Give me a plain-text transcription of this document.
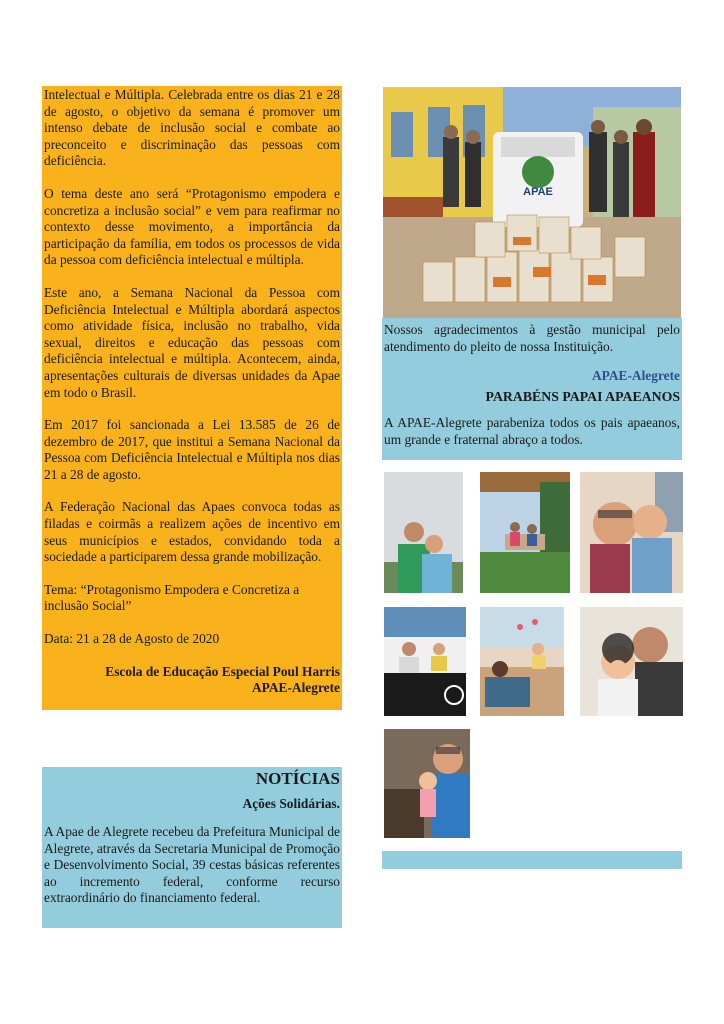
Intelectual e Múltipla. Celebrada entre os dias 21 e 28 de agosto, o objetivo da semana é promover um intenso debate de inclusão social e combate ao preconceito e discriminação das pessoas com deficiência.

O tema deste ano será “Protagonismo empodera e concretiza a inclusão social” e vem para reafirmar no contexto desse movimento, a importância da participação da família, em todos os processos de vida da pessoa com deficiência intelectual e múltipla.

Este ano, a Semana Nacional da Pessoa com Deficiência Intelectual e Múltipla abordará aspectos como atividade física, inclusão no trabalho, vida sexual, direitos e educação das pessoas com deficiência intelectual e múltipla. Acontecem, ainda, apresentações culturais de diversas unidades da Apae em todo o Brasil.

Em 2017 foi sancionada a Lei 13.585 de 26 de dezembro de 2017, que institui a Semana Nacional da Pessoa com Deficiência Intelectual e Múltipla nos dias 21 a 28 de agosto.

A Federação Nacional das Apaes convoca todas as filadas e coirmãs a realizem ações de incentivo em seus municípios e estados, convidando toda a sociedade a participarem dessa grande mobilização.

Tema: “Protagonismo Empodera e Concretiza a inclusão Social”

Data: 21 a 28 de Agosto de 2020

Escola de Educação Especial Poul Harris

APAE-Alegrete

NOTÍCIAS
Ações Solidárias.

A Apae de Alegrete recebeu da Prefeitura Municipal de Alegrete, através da Secretaria Municipal de Promoção e Desenvolvimento Social, 39 cestas básicas referentes ao incremento federal, conforme recurso extraordinário do financiamento federal.

APAE

Nossos agradecimentos à gestão municipal pelo atendimento do pleito de nossa Instituição.

APAE-Alegrete

PARABÉNS PAPAI APAEANOS

A APAE-Alegrete parabeniza todos os pais apaeanos, um grande e fraternal abraço a todos.
